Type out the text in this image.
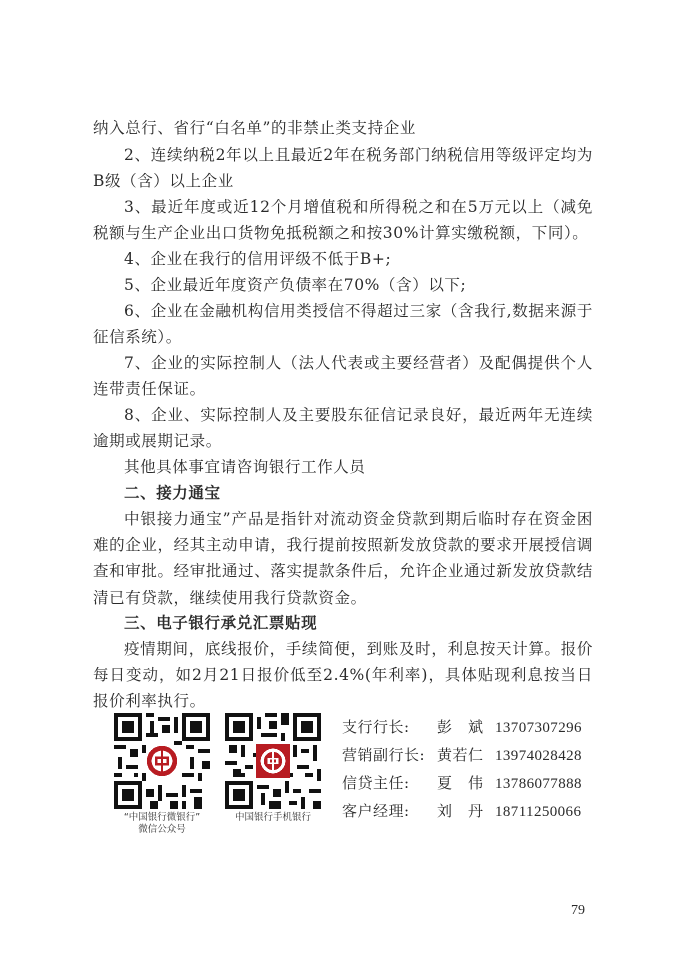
纳入总行、省行“白名单”的非禁止类支持企业
2、连续纳税2年以上且最近2年在税务部门纳税信用等级评定均为B级（含）以上企业
3、最近年度或近12个月增值税和所得税之和在5万元以上（减免税额与生产企业出口货物免抵税额之和按30%计算实缴税额，下同）。
4、企业在我行的信用评级不低于B+;
5、企业最近年度资产负债率在70%（含）以下;
6、企业在金融机构信用类授信不得超过三家（含我行,数据来源于征信系统）。
7、企业的实际控制人（法人代表或主要经营者）及配偶提供个人连带责任保证。
8、企业、实际控制人及主要股东征信记录良好，最近两年无连续逾期或展期记录。
其他具体事宜请咨询银行工作人员
二、接力通宝
中银接力通宝”产品是指针对流动资金贷款到期后临时存在资金困难的企业，经其主动申请，我行提前按照新发放贷款的要求开展授信调查和审批。经审批通过、落实提款条件后，允许企业通过新发放贷款结清已有贷款，继续使用我行贷款资金。
三、电子银行承兑汇票贴现
疫情期间，底线报价，手续简便，到账及时，利息按天计算。报价每日变动，如2月21日报价低至2.4%(年利率)，具体贴现利息按当日报价利率执行。
“中国银行微银行”
微信公众号
中国银行手机银行
支行行长:	彭　斌 13707307296
营销副行长: 黄若仁 13974028428
信贷主任:	夏　伟 13786077888
客户经理:	刘　丹 18711250066
79
